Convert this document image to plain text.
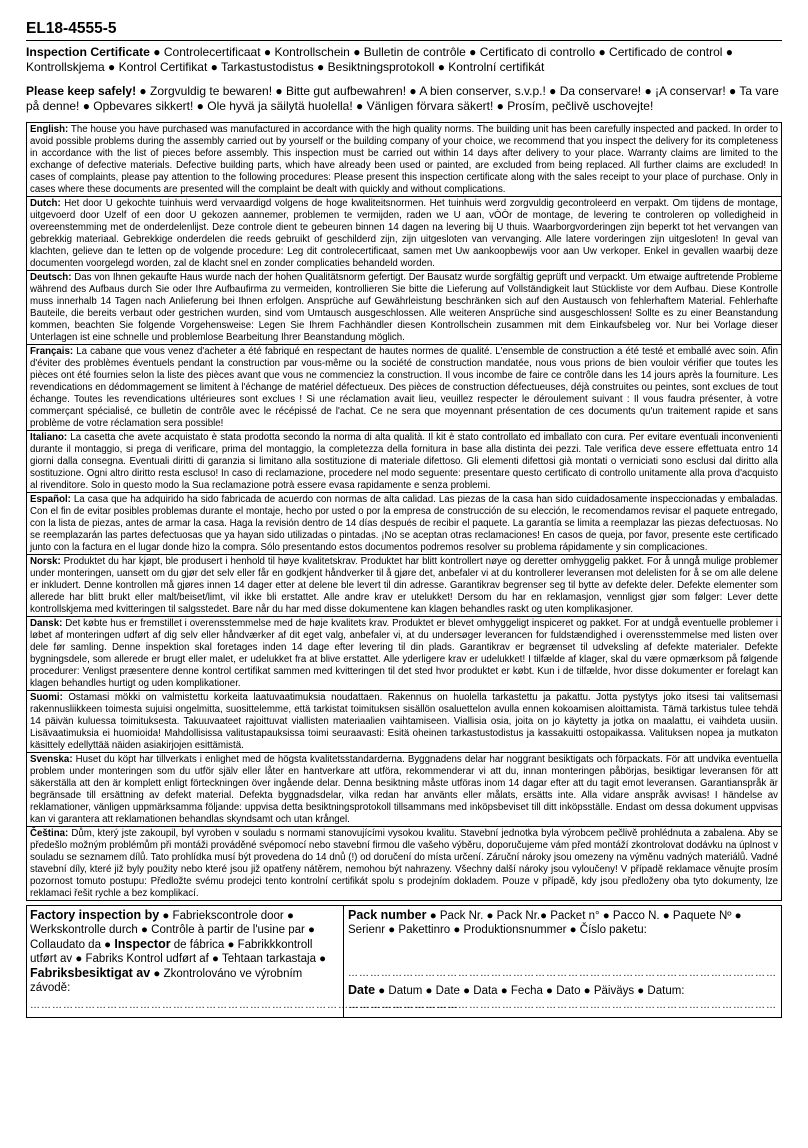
EL18-4555-5
Inspection Certificate ● Controlecertificaat ● Kontrollschein ● Bulletin de contrôle ● Certificato di controllo ● Certificado de control ● Kontrollskjema ● Kontrol Certifikat ● Tarkastustodistus ● Besiktningsprotokoll ● Kontrolní certifikát
Please keep safely! ● Zorgvuldig te bewaren! ● Bitte gut aufbewahren! ● A bien conserver, s.v.p.! ● Da conservare! ● ¡A conservar! ● Ta vare på denne! ● Opbevares sikkert! ● Ole hyvä ja säilytä huolella! ● Vänligen förvara säkert! ● Prosím, pečlivě uschovejte!
English: The house you have purchased was manufactured in accordance with the high quality norms. The building unit has been carefully inspected and packed. In order to avoid possible problems during the assembly carried out by yourself or the building company of your choice, we recommend that you inspect the delivery for its completeness in accordance with the list of pieces before assembly. This inspection must be carried out within 14 days after delivery to your place. Warranty claims are limited to the exchange of defective materials. Defective building parts, which have already been used or painted, are excluded from being replaced. All further claims are excluded! In cases of complaints, please pay attention to the following procedures: Please present this inspection certificate along with the sales receipt to your place of purchase. Only in cases where these documents are presented will the complaint be dealt with quickly and without complications.
Dutch: Het door U gekochte tuinhuis werd vervaardigd volgens de hoge kwaliteitsnormen. Het tuinhuis werd zorgvuldig gecontroleerd en verpakt. Om tijdens de montage, uitgevoerd door Uzelf of een door U gekozen aannemer, problemen te vermijden, raden we U aan, vÒÒr de montage, de levering te controleren op volledigheid in overeenstemming met de onderdelenlijst. Deze controle dient te gebeuren binnen 14 dagen na levering bij U thuis. Waarborgvorderingen zijn beperkt tot het vervangen van gebrekkig materiaal. Gebrekkige onderdelen die reeds gebruikt of geschilderd zijn, zijn uitgesloten van vervanging. Alle latere vorderingen zijn uitgesloten! In geval van klachten, gelieve dan te letten op de volgende procedure: Leg dit controlecertificaat, samen met Uw aankoopbewijs voor aan Uw verkoper. Enkel in gevallen waarbij deze documenten voorgelegd worden, zal de klacht snel en zonder complicaties behandeld worden.
Deutsch: Das von Ihnen gekaufte Haus wurde nach der hohen Qualitätsnorm gefertigt. Der Bausatz wurde sorgfältig geprüft und verpackt. Um etwaige auftretende Probleme während des Aufbaus durch Sie oder Ihre Aufbaufirma zu vermeiden, kontrollieren Sie bitte die Lieferung auf Vollständigkeit laut Stückliste vor dem Aufbau. Diese Kontrolle muss innerhalb 14 Tagen nach Anlieferung bei Ihnen erfolgen. Ansprüche auf Gewährleistung beschränken sich auf den Austausch von fehlerhaftem Material. Fehlerhafte Bauteile, die bereits verbaut oder gestrichen wurden, sind vom Umtausch ausgeschlossen. Alle weiteren Ansprüche sind ausgeschlossen! Sollte es zu einer Beanstandung kommen, beachten Sie folgende Vorgehensweise: Legen Sie Ihrem Fachhändler diesen Kontrollschein zusammen mit dem Einkaufsbeleg vor. Nur bei Vorlage dieser Unterlagen ist eine schnelle und problemlose Bearbeitung Ihrer Beanstandung möglich.
Français: La cabane que vous venez d'acheter a été fabriqué en respectant de hautes normes de qualité. L'ensemble de construction a été testé et emballé avec soin. Afin d'éviter des problèmes éventuels pendant la construction par vous-même ou la société de construction mandatée, nous vous prions de bien vouloir vérifier que toutes les pièces ont été fournies selon la liste des pièces avant que vous ne commenciez la construction. Il vous incombe de faire ce contrôle dans les 14 jours après la fourniture. Les revendications en dédommagement se limitent à l'échange de matériel défectueux. Des pièces de construction défectueuses, déjà construites ou peintes, sont exclues de tout échange. Toutes les revendications ultérieures sont exclues ! Si une réclamation avait lieu, veuillez respecter le déroulement suivant : Il vous faudra présenter, à votre commerçant spécialisé, ce bulletin de contrôle avec le récépissé de l'achat. Ce ne sera que moyennant présentation de ces documents qu'un traitement rapide et sans problème de votre réclamation sera possible!
Italiano: La casetta che avete acquistato è stata prodotta secondo la norma di alta qualità. Il kit è stato controllato ed imballato con cura. Per evitare eventuali inconvenienti durante il montaggio, si prega di verificare, prima del montaggio, la completezza della fornitura in base alla distinta dei pezzi. Tale verifica deve essere effettuata entro 14 giorni dalla consegna. Eventuali diritti di garanzia si limitano alla sostituzione di materiale difettoso. Gli elementi difettosi già montati o verniciati sono esclusi dal diritto alla sostituzione. Ogni altro diritto resta escluso! In caso di reclamazione, procedere nel modo seguente: presentare questo certificato di controllo unitamente alla prova d'acquisto al rivenditore. Solo in questo modo la Sua reclamazione potrà essere evasa rapidamente e senza problemi.
Español: La casa que ha adquirido ha sido fabricada de acuerdo con normas de alta calidad. Las piezas de la casa han sido cuidadosamente inspeccionadas y embaladas. Con el fin de evitar posibles problemas durante el montaje, hecho por usted o por la empresa de construcción de su elección, le recomendamos revisar el paquete entregado, con la lista de piezas, antes de armar la casa. Haga la revisión dentro de 14 días después de recibir el paquete. La garantía se limita a reemplazar las piezas defectuosas. No se reemplazarán las partes defectuosas que ya hayan sido utilizadas o pintadas. ¡No se aceptan otras reclamaciones! En casos de queja, por favor, presente este certificado junto con la factura en el lugar donde hizo la compra. Sólo presentando estos documentos podremos resolver su problema rápidamente y sin complicaciones.
Norsk: Produktet du har kjøpt, ble produsert i henhold til høye kvalitetskrav. Produktet har blitt kontrollert nøye og deretter omhyggelig pakket. For å unngå mulige problemer under monteringen, uansett om du gjør det selv eller får en godkjent håndverker til å gjøre det, anbefaler vi at du kontrollerer leveransen mot delelisten for å se om alle delene er inkludert. Denne kontrollen må gjøres innen 14 dager etter at delene ble levert til din adresse. Garantikrav begrenser seg til bytte av defekte deler. Defekte elementer som allerede har blitt brukt eller malt/beiset/limt, vil ikke bli erstattet. Alle andre krav er utelukket! Dersom du har en reklamasjon, vennligst gjør som følger: Lever dette kontrollskjema med kvitteringen til salgsstedet. Bare når du har med disse dokumentene kan klagen behandles raskt og uten komplikasjoner.
Dansk: Det købte hus er fremstillet i overensstemmelse med de høje kvalitets krav. Produktet er blevet omhyggeligt inspiceret og pakket. For at undgå eventuelle problemer i løbet af monteringen udført af dig selv eller håndværker af dit eget valg, anbefaler vi, at du undersøger leverancen for fuldstændighed i overensstemmelse med listen over dele før samling. Denne inspektion skal foretages inden 14 dage efter levering til din plads. Garantikrav er begrænset til udveksling af defekte materialer. Defekte bygningsdele, som allerede er brugt eller malet, er udelukket fra at blive erstattet. Alle yderligere krav er udelukket! I tilfælde af klager, skal du være opmærksom på følgende procedurer: Venligst præsentere denne kontrol certifikat sammen med kvitteringen til det sted hvor produktet er købt. Kun i de tilfælde, hvor disse dokumenter er forelagt kan klagen behandles hurtigt og uden komplikationer.
Suomi: Ostamasi mökki on valmistettu korkeita laatuvaatimuksia noudattaen. Rakennus on huolella tarkastettu ja pakattu. Jotta pystytys joko itsesi tai valitsemasi rakennusliikkeen toimesta sujuisi ongelmitta, suosittelemme, että tarkistat toimituksen sisällön osaluettelon avulla ennen kokoamisen aloittamista. Tämä tarkistus tulee tehdä 14 päivän kuluessa toimituksesta. Takuuvaateet rajoittuvat viallisten materiaalien vaihtamiseen. Viallisia osia, joita on jo käytetty ja jotka on maalattu, ei vaihdeta uusiin. Lisävaatimuksia ei huomioida! Mahdollisissa valitustapauksissa toimi seuraavasti: Esitä oheinen tarkastustodistus ja kassakuitti ostopaikassa. Valituksen nopea ja mutkaton käsittely edellyttää näiden asiakirjojen esittämistä.
Svenska: Huset du köpt har tillverkats i enlighet med de högsta kvalitetsstandarderna. Byggnadens delar har noggrant besiktigats och förpackats. För att undvika eventuella problem under monteringen som du utför själv eller låter en hantverkare att utföra, rekommenderar vi att du, innan monteringen påbörjas, besiktigar leveransen för att säkerställa att den är komplett enligt förteckningen över ingående delar. Denna besiktning måste utföras inom 14 dagar efter att du tagit emot leveransen. Garantianspråk är begränsade till ersättning av defekt material. Defekta byggnadsdelar, vilka redan har använts eller målats, ersätts inte. Alla vidare anspråk avvisas! I händelse av reklamationer, vänligen uppmärksamma följande: uppvisa detta besiktningsprotokoll tillsammans med inköpsbeviset till ditt inköpsställe. Endast om dessa dokument uppvisas kan vi garantera att reklamationen behandlas skyndsamt och utan krångel.
Čeština: Dům, který jste zakoupil, byl vyroben v souladu s normami stanovujícími vysokou kvalitu. Stavební jednotka byla výrobcem pečlivě prohlédnuta a zabalena. Aby se předešlo možným problémům při montáži prováděné svépomocí nebo stavební firmou dle vašeho výběru, doporučujeme vám před montáží zkontrolovat dodávku na úplnost v souladu se seznamem dílů. Tato prohlídka musí být provedena do 14 dnů (!) od doručení do místa určení. Záruční nároky jsou omezeny na výměnu vadných materiálů. Vadné stavební díly, které již byly použity nebo které jsou již opatřeny nátěrem, nemohou být nahrazeny. Všechny další nároky jsou vyloučeny! V případě reklamace věnujte prosím pozornost tomuto postupu: Předložte svému prodejci tento kontrolní certifikát spolu s prodejním dokladem. Pouze v případě, kdy jsou předloženy oba tyto dokumenty, lze reklamaci řešit rychle a bez komplikací.
Factory inspection by ● Fabriekscontrole door ● Werkskontrolle durch ● Contrôle à partir de l'usine par ● Collaudato da ● Inspector de fábrica ● Fabrikkkontroll utført av ● Fabriks Kontrol udført af ● Tehtaan tarkastaja ● Fabriksbesiktigat av ● Zkontrolováno ve výrobním závodě:
………………………………………………………………………………………………………
Pack number ● Pack Nr. ● Pack Nr.● Packet n° ● Pacco N. ● Paquete Nº ● Serienr ● Pakettinro ● Produktionsnummer ● Číslo paketu:
………………………………………………………………………………………………………
Date ● Datum ● Date ● Data ● Fecha ● Dato ● Päiväys ● Datum:
………………………………………………………………………………………………………
